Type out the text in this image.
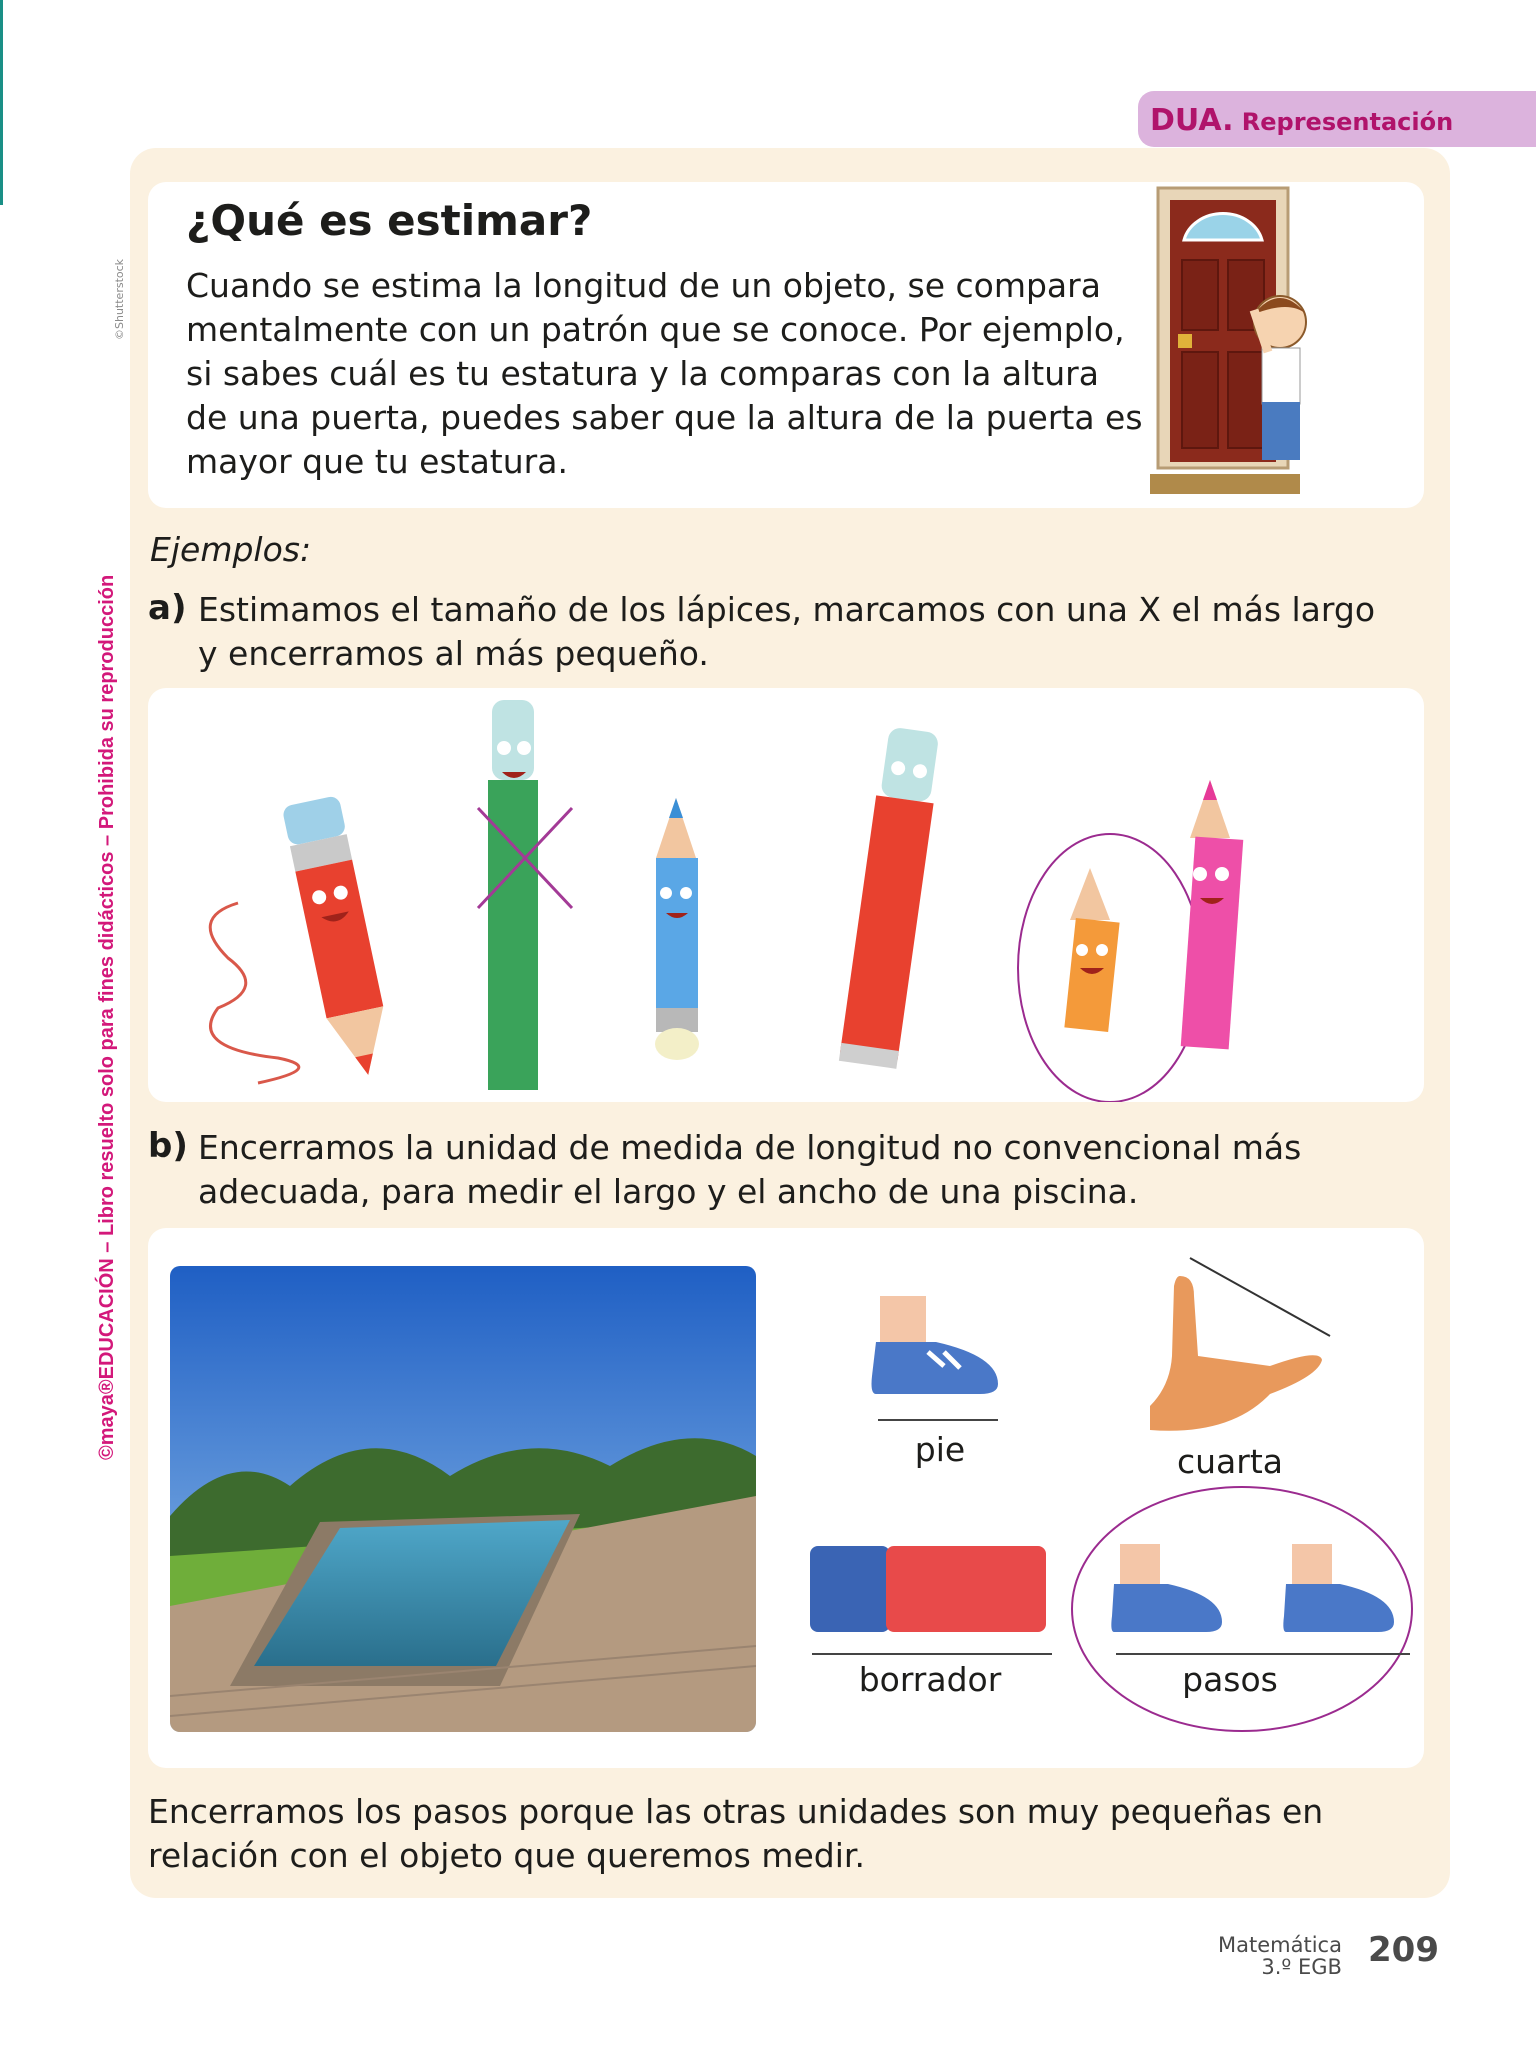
DUA. Representación
©Shutterstock
©maya®EDUCACIÓN – Libro resuelto solo para fines didácticos – Prohibida su reproducción
¿Qué es estimar?
Cuando se estima la longitud de un objeto, se compara mentalmente con un patrón que se conoce. Por ejemplo, si sabes cuál es tu estatura y la comparas con la altura de una puerta, puedes saber que la altura de la puerta es mayor que tu estatura.
Ejemplos:
a) Estimamos el tamaño de los lápices, marcamos con una X el más largo y encerramos al más pequeño.
b) Encerramos la unidad de medida de longitud no convencional más adecuada, para medir el largo y el ancho de una piscina.
pie	cuarta
borrador	pasos
Encerramos los pasos porque las otras unidades son muy pequeñas en relación con el objeto que queremos medir.
Matemática
3.º EGB 209
